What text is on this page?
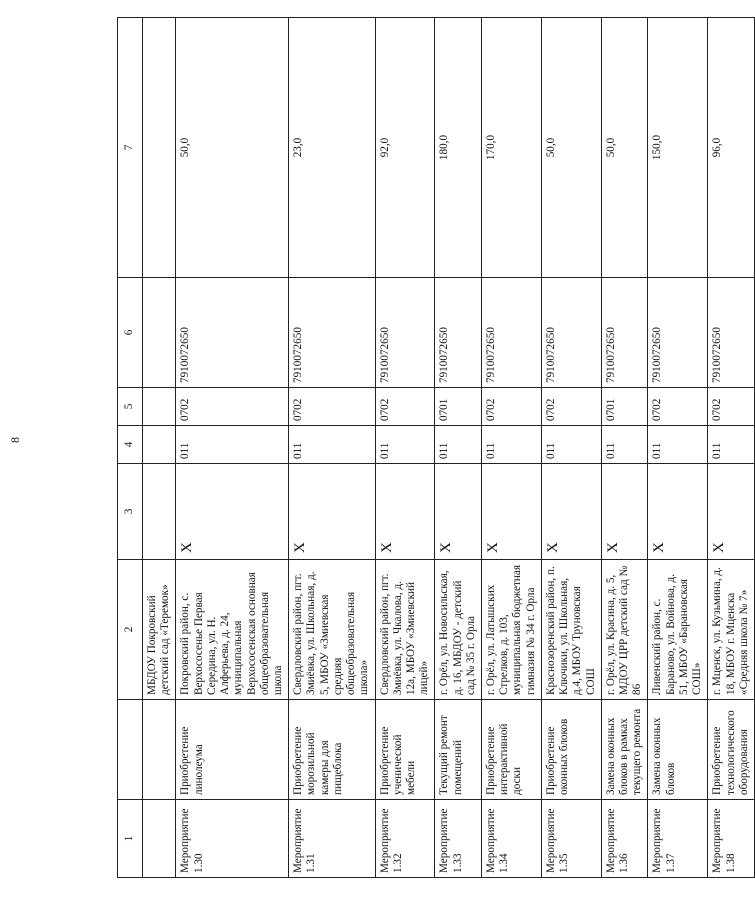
8
1		2	3	4	5	6	7
		МБДОУ Покровский детский сад «Теремок»					
Мероприятие 1.30	Приобретение линолеума	Покровский район, с. Верхососенье Первая Середина, ул. Н. Алферьева, д. 24, муниципальная Верхососенская основная общеобразовательная школа	X	011	0702	7910072650	50,0
Мероприятие 1.31	Приобретение морозильной камеры для пищеблока	Свердловский район, пгт. Змиёвка, ул. Школьная, д. 5, МБОУ «Змиевская средняя общеобразовательная школа»	X	011	0702	7910072650	23,0
Мероприятие 1.32	Приобретение ученической мебели	Свердловский район, пгт. Змиёвка, ул. Чкалова, д. 12а, МБОУ «Змиевский лицей»	X	011	0702	7910072650	92,0
Мероприятие 1.33	Текущий ремонт помещений	г. Орёл, ул. Новосильская, д. 16, МБДОУ - детский сад № 35 г. Орла	X	011	0701	7910072650	180,0
Мероприятие 1.34	Приобретение интерактивной доски	г. Орёл, ул. Латышских Стрелков, д. 103, муниципальная бюджетная гимназия № 34 г. Орла	X	011	0702	7910072650	170,0
Мероприятие 1.35	Приобретение оконных блоков	Краснозоренский район, п. Ключики, ул. Школьная, д.4, МБОУ Труновская СОШ	X	011	0702	7910072650	50,0
Мероприятие 1.36	Замена оконных блоков в рамках текущего ремонта	г. Орёл, ул. Красина, д. 5, МДОУ ЦРР детский сад № 86	X	011	0701	7910072650	50,0
Мероприятие 1.37	Замена оконных блоков	Ливенский район, с. Бараново, ул. Войнова, д. 51, МБОУ «Барановская СОШ»	X	011	0702	7910072650	150,0
Мероприятие 1.38	Приобретение технологического оборудования	г. Мценск, ул. Кузьмина, д. 18, МБОУ г. Мценска «Средняя школа № 7»	X	011	0702	7910072650	96,0
